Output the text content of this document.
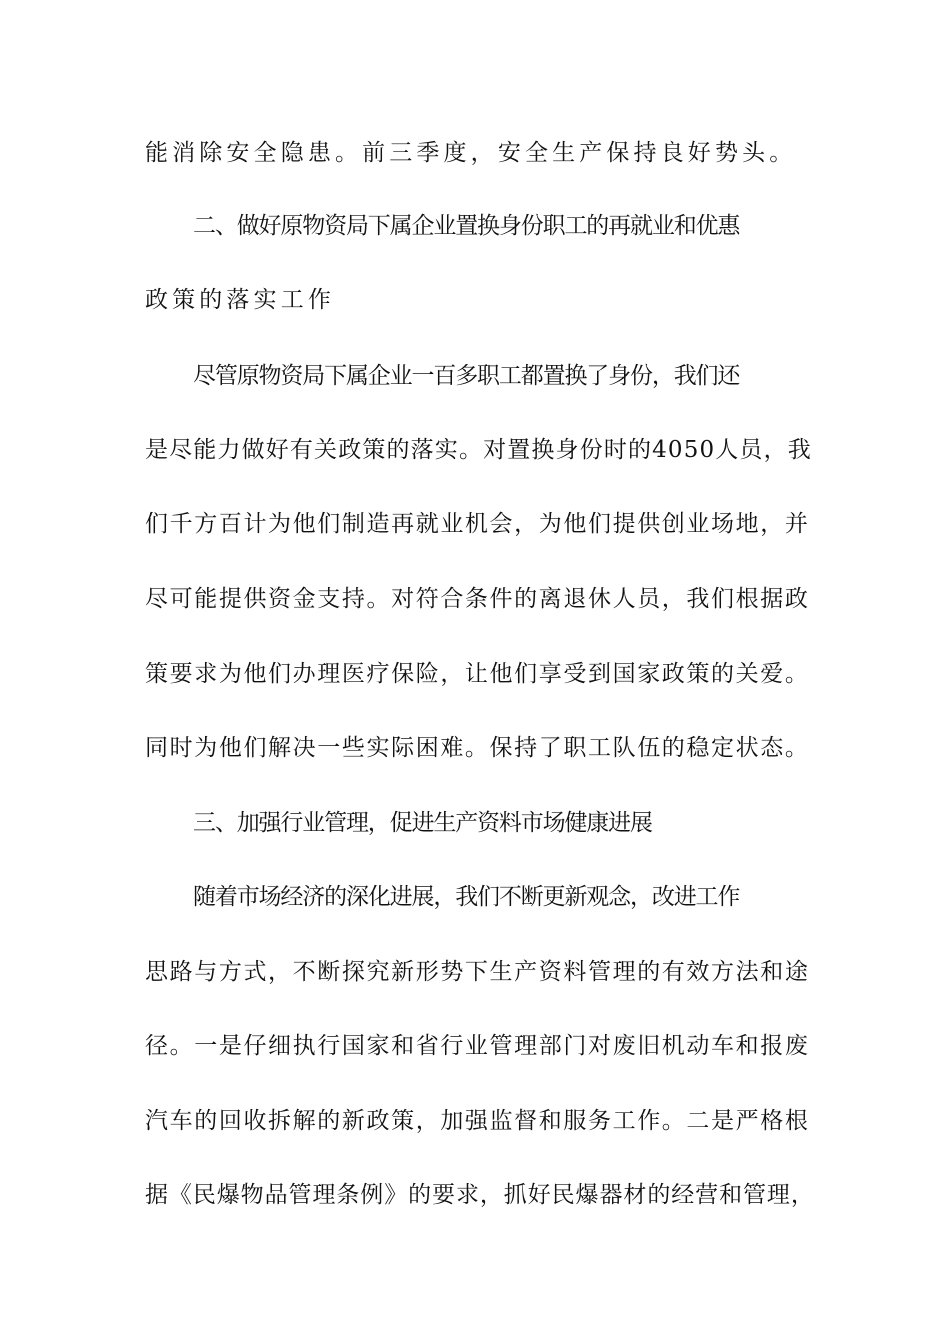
能消除安全隐患。前三季度，安全生产保持良好势头。
二、做好原物资局下属企业置换身份职工的再就业和优惠
政策的落实工作
尽管原物资局下属企业一百多职工都置换了身份，我们还
是尽能力做好有关政策的落实。对置换身份时的4050人员，我
们千方百计为他们制造再就业机会，为他们提供创业场地，并
尽可能提供资金支持。对符合条件的离退休人员，我们根据政
策要求为他们办理医疗保险，让他们享受到国家政策的关爱。
同时为他们解决一些实际困难。保持了职工队伍的稳定状态。
三、加强行业管理，促进生产资料市场健康进展
随着市场经济的深化进展，我们不断更新观念，改进工作
思路与方式，不断探究新形势下生产资料管理的有效方法和途
径。一是仔细执行国家和省行业管理部门对废旧机动车和报废
汽车的回收拆解的新政策，加强监督和服务工作。二是严格根
据《民爆物品管理条例》的要求，抓好民爆器材的经营和管理，
